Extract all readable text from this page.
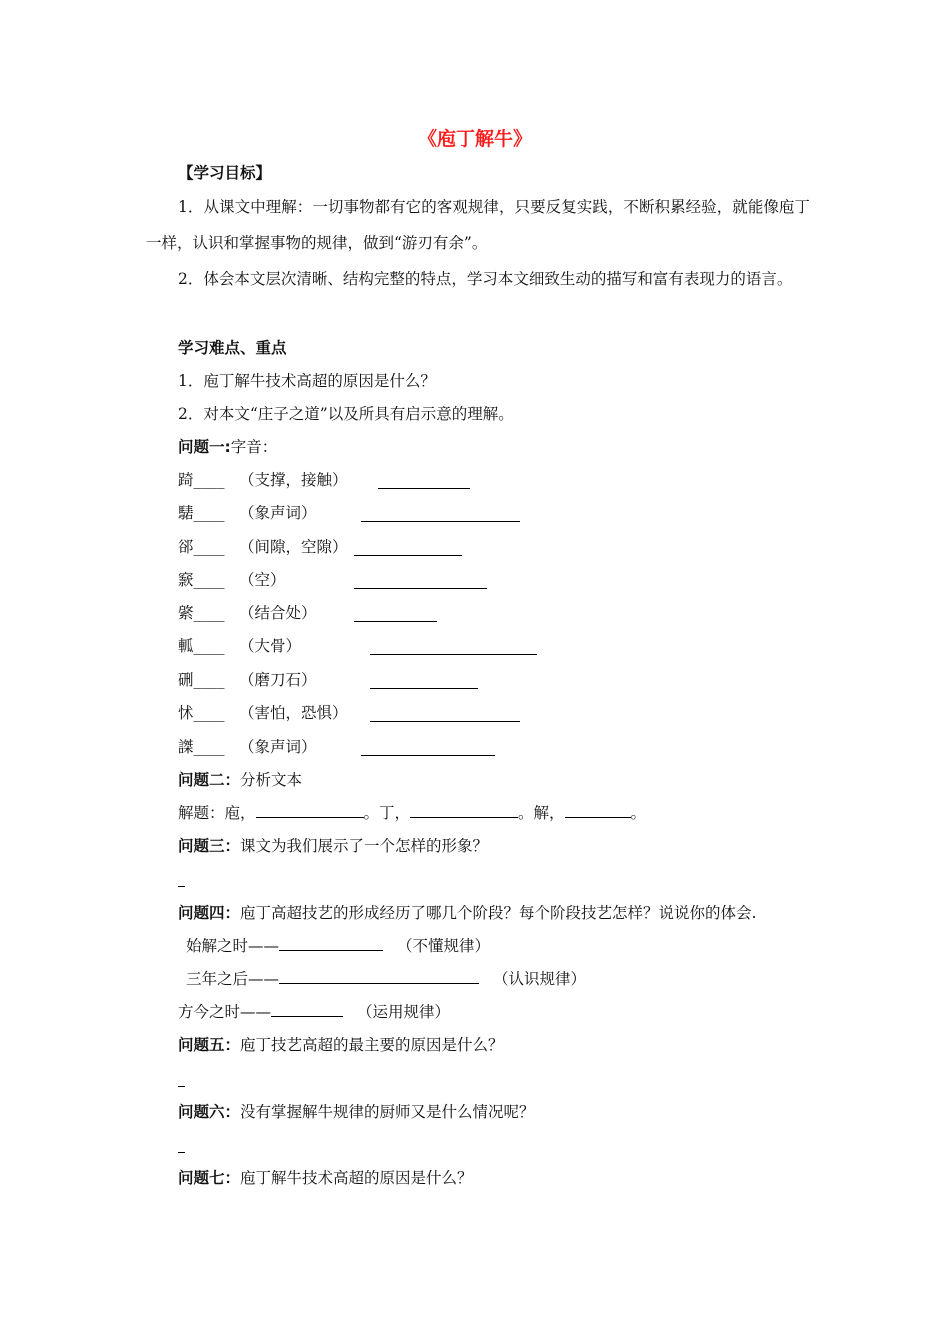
《庖丁解牛》
【学习目标】
1．从课文中理解：一切事物都有它的客观规律，只要反复实践，不断积累经验，就能像庖丁一样，认识和掌握事物的规律，做到“游刃有余”。
2．体会本文层次清晰、结构完整的特点，学习本文细致生动的描写和富有表现力的语言。
学习难点、重点
1．庖丁解牛技术高超的原因是什么？
2．对本文“庄子之道”以及所具有启示意的理解。
问题一:字音：
踦____ （支撑，接触）
騞____ （象声词）
郤____ （间隙，空隙）
窾____ （空）
綮____ （结合处）
軱____ （大骨）
硎____ （磨刀石）
怵____ （害怕，恐惧）
謋____ （象声词）
问题二：分析文本
解题：庖，	。丁，	。解，	。
问题三：课文为我们展示了一个怎样的形象？
问题四：庖丁高超技艺的形成经历了哪几个阶段？每个阶段技艺怎样？说说你的体会.
始解之时——	（不懂规律）
三年之后——	（认识规律）
方今之时——	（运用规律）
问题五：庖丁技艺高超的最主要的原因是什么？
问题六：没有掌握解牛规律的厨师又是什么情况呢？
问题七：庖丁解牛技术高超的原因是什么？
